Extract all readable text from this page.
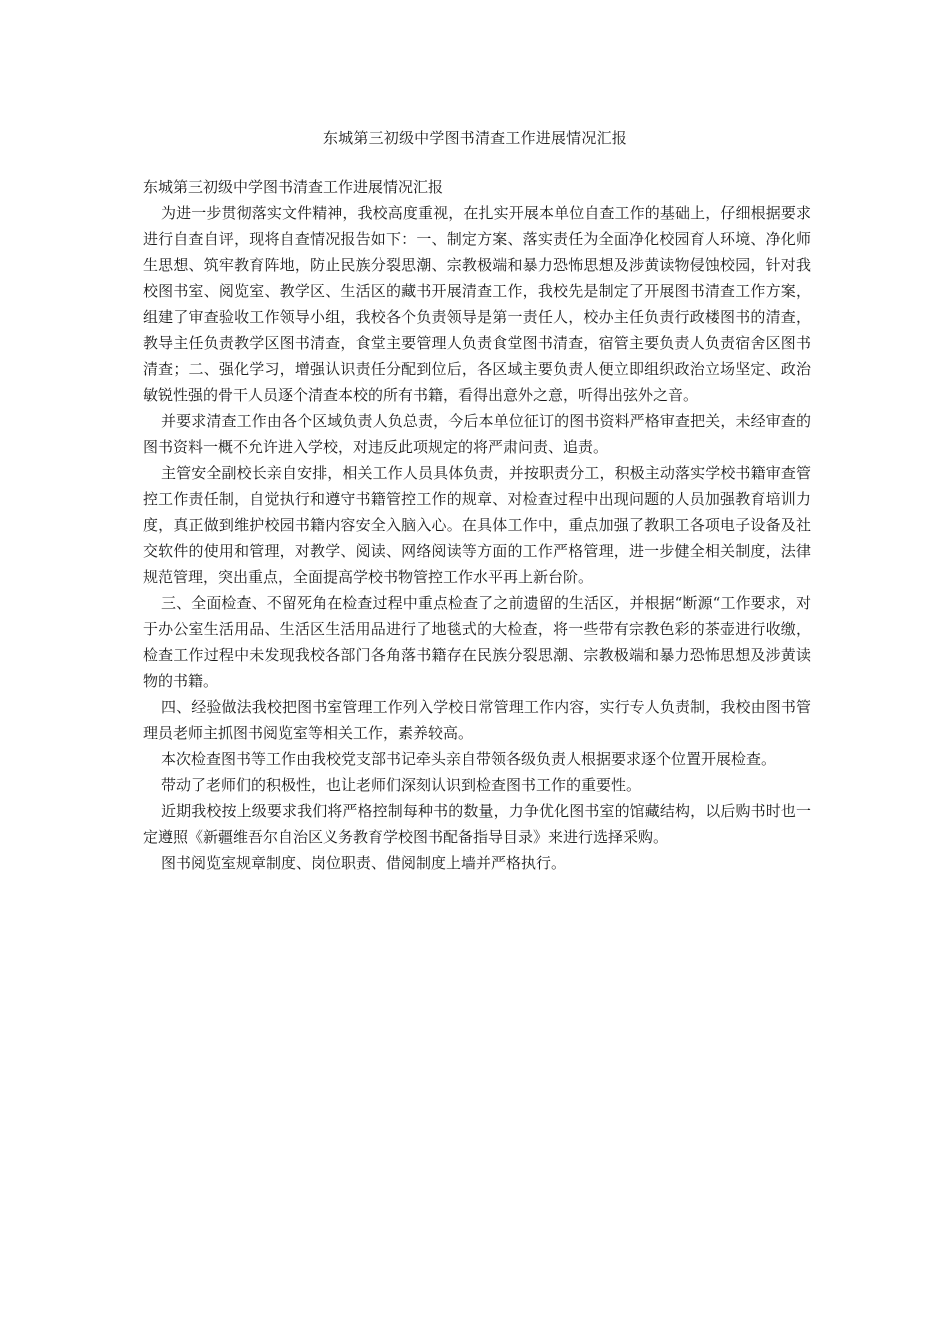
东城第三初级中学图书清查工作进展情况汇报

东城第三初级中学图书清查工作进展情况汇报

为进一步贯彻落实文件精神，我校高度重视，在扎实开展本单位自查工作的基础上，仔细根据要求进行自查自评，现将自查情况报告如下：一、制定方案、落实责任为全面净化校园育人环境、净化师生思想、筑牢教育阵地，防止民族分裂思潮、宗教极端和暴力恐怖思想及涉黄读物侵蚀校园，针对我校图书室、阅览室、教学区、生活区的藏书开展清查工作，我校先是制定了开展图书清查工作方案，组建了审查验收工作领导小组，我校各个负责领导是第一责任人，校办主任负责行政楼图书的清查，教导主任负责教学区图书清查，食堂主要管理人负责食堂图书清查，宿管主要负责人负责宿舍区图书清查；二、强化学习，增强认识责任分配到位后，各区域主要负责人便立即组织政治立场坚定、政治敏锐性强的骨干人员逐个清查本校的所有书籍，看得出意外之意，听得出弦外之音。

并要求清查工作由各个区域负责人负总责，今后本单位征订的图书资料严格审查把关，未经审查的图书资料一概不允许进入学校，对违反此项规定的将严肃问责、追责。

主管安全副校长亲自安排，相关工作人员具体负责，并按职责分工，积极主动落实学校书籍审查管控工作责任制，自觉执行和遵守书籍管控工作的规章、对检查过程中出现问题的人员加强教育培训力度，真正做到维护校园书籍内容安全入脑入心。在具体工作中，重点加强了教职工各项电子设备及社交软件的使用和管理，对教学、阅读、网络阅读等方面的工作严格管理，进一步健全相关制度，法律规范管理，突出重点，全面提高学校书物管控工作水平再上新台阶。

三、全面检查、不留死角在检查过程中重点检查了之前遗留的生活区，并根据“断源“工作要求，对于办公室生活用品、生活区生活用品进行了地毯式的大检查，将一些带有宗教色彩的茶壶进行收缴，检查工作过程中未发现我校各部门各角落书籍存在民族分裂思潮、宗教极端和暴力恐怖思想及涉黄读物的书籍。

四、经验做法我校把图书室管理工作列入学校日常管理工作内容，实行专人负责制，我校由图书管理员老师主抓图书阅览室等相关工作，素养较高。

本次检查图书等工作由我校党支部书记牵头亲自带领各级负责人根据要求逐个位置开展检查。

带动了老师们的积极性，也让老师们深刻认识到检查图书工作的重要性。

近期我校按上级要求我们将严格控制每种书的数量，力争优化图书室的馆藏结构，以后购书时也一定遵照《新疆维吾尔自治区义务教育学校图书配备指导目录》来进行选择采购。

图书阅览室规章制度、岗位职责、借阅制度上墙并严格执行。
